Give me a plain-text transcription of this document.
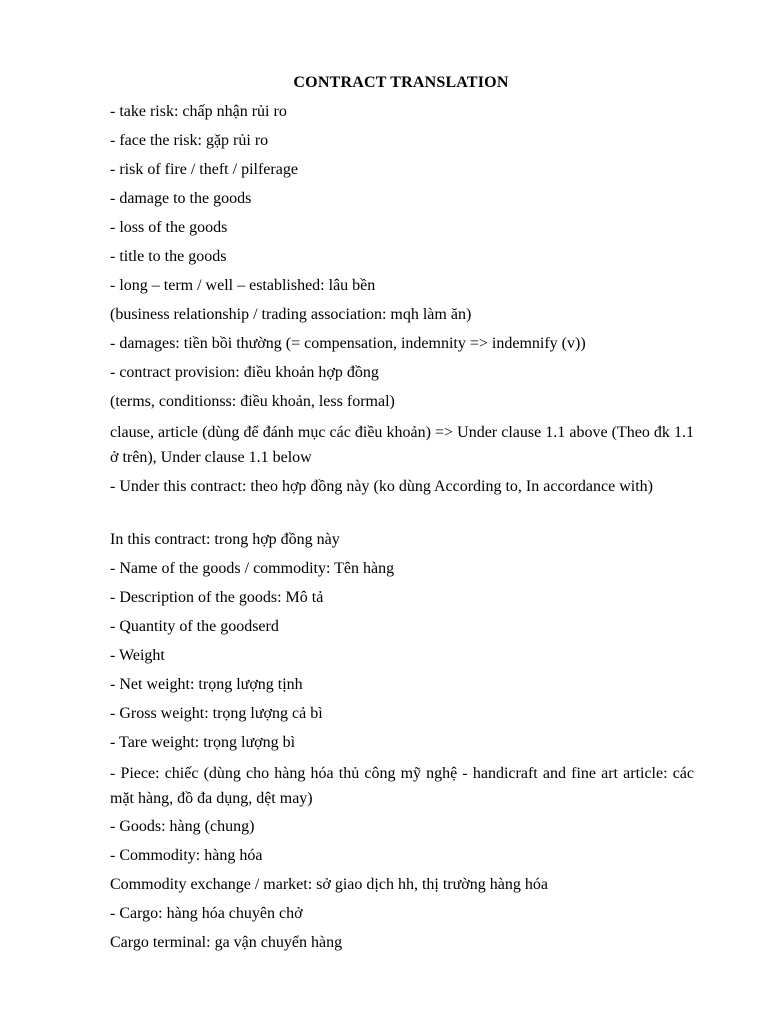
CONTRACT TRANSLATION
- take risk: chấp nhận rủi ro
- face the risk: gặp rủi ro
- risk of fire / theft / pilferage
- damage to the goods
- loss of the goods
- title to the goods
- long – term / well – established: lâu bền
(business relationship / trading association: mqh làm ăn)
- damages: tiền bồi thường (= compensation, indemnity => indemnify (v))
- contract provision: điều khoản hợp đồng
(terms, conditionss: điều khoản, less formal)
clause, article (dùng để đánh mục các điều khoản) => Under clause 1.1 above (Theo đk 1.1 ở trên), Under clause 1.1 below
- Under this contract: theo hợp đồng này (ko dùng According to, In accordance with)
In this contract: trong hợp đồng này
- Name of the goods / commodity: Tên hàng
- Description of the goods: Mô tả
- Quantity of the goodserd
- Weight
- Net weight: trọng lượng tịnh
- Gross weight: trọng lượng cả bì
- Tare weight: trọng lượng bì
- Piece: chiếc (dùng cho hàng hóa thủ công mỹ nghệ - handicraft and fine art article: các mặt hàng, đồ đa dụng, dệt may)
- Goods: hàng (chung)
- Commodity: hàng hóa
Commodity exchange / market: sở giao dịch hh, thị trường hàng hóa
- Cargo: hàng hóa chuyên chở
Cargo terminal: ga vận chuyển hàng
